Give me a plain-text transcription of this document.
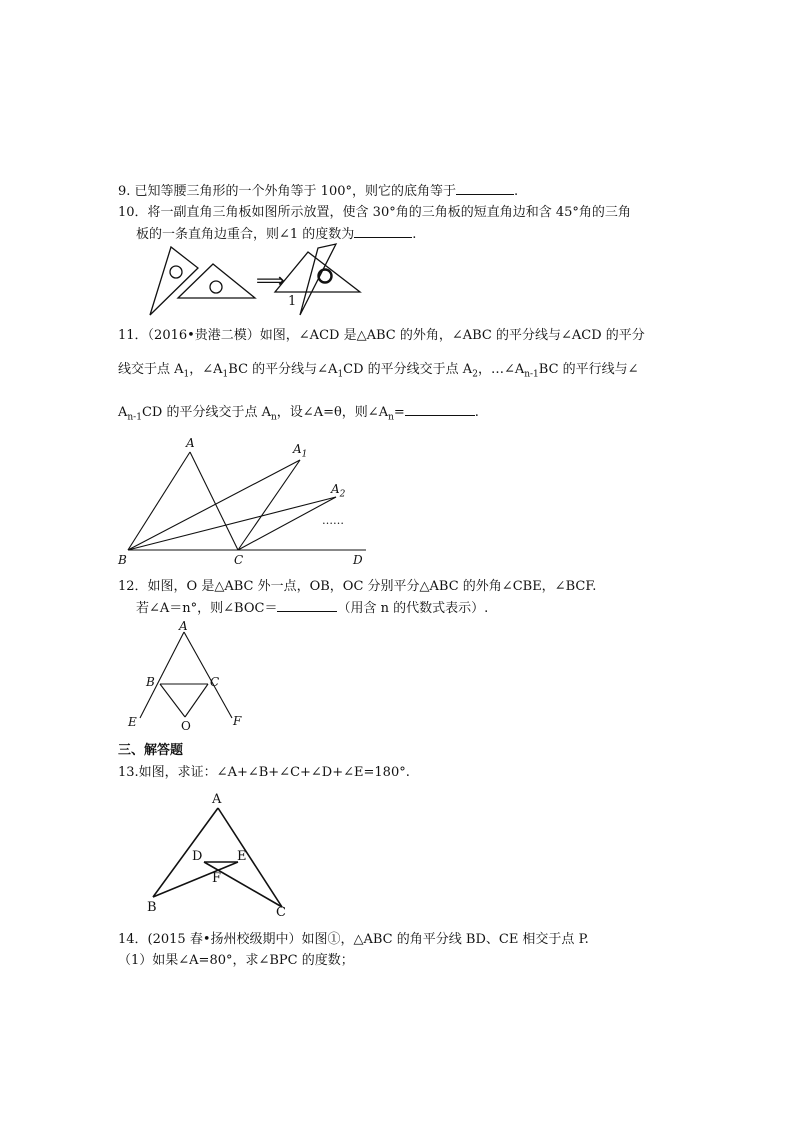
9. 已知等腰三角形的一个外角等于 100°，则它的底角等于	.
10．将一副直角三角板如图所示放置，使含 30°角的三角板的短直角边和含 45°角的三角
板的一条直角边重合，则∠1 的度数为	.
⟹
1
11．（2016•贵港二模）如图，∠ACD 是△ABC 的外角，∠ABC 的平分线与∠ACD 的平分
线交于点 $A_1$，$\angle A_1BC$ 的平分线与$\angle A_1CD$ 的平分线交于点 $A_2$，$\dots\angle A_{n-1}BC$ 的平行线与∠
$A_{n-1}CD$ 的平分线交于点 $A_n$，设∠A=θ，则$\angle A_n=$	.
A	$A_1$
$A_2$
B	C	D
……
12．如图，O 是△ABC 外一点，OB，OC 分别平分△ABC 的外角∠CBE，∠BCF.
若∠A＝n°，则∠BOC＝	（用含 n 的代数式表示）.
A
B	C
E	F
O
三、解答题
13.如图，求证：∠A+∠B+∠C+∠D+∠E=180°.
A
D	E
F
B	C
14．(2015 春•扬州校级期中）如图①，△ABC 的角平分线 BD、CE 相交于点 P.
（1）如果∠A=80°，求∠BPC 的度数；
